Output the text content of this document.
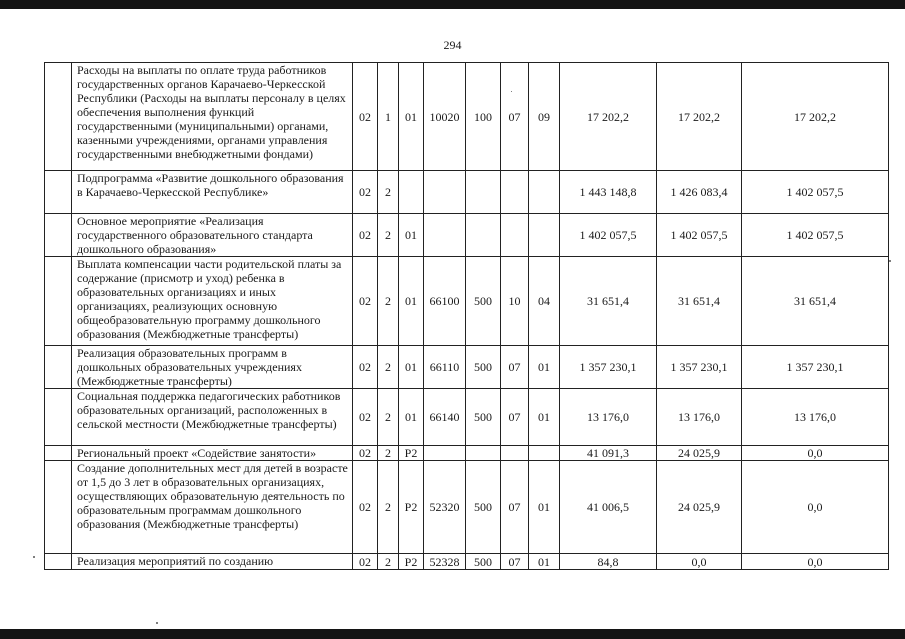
294
	Расходы на выплаты по оплате труда работников государственных органов Карачаево-Черкесской Республики (Расходы на выплаты персоналу в целях обеспечения выполнения функций государственными (муниципальными) органами, казенными учреждениями, органами управления государственными внебюджетными фондами)	02	1	01	10020	100	07	09	17 202,2	17 202,2	17 202,2
	Подпрограмма «Развитие дошкольного образования в Карачаево-Черкесской Республике»	02	2						1 443 148,8	1 426 083,4	1 402 057,5
	Основное мероприятие «Реализация государственного образовательного стандарта дошкольного образования»	02	2	01					1 402 057,5	1 402 057,5	1 402 057,5
	Выплата компенсации части родительской платы за содержание (присмотр и уход) ребенка в образовательных организациях и иных организациях, реализующих основную общеобразовательную программу дошкольного образования (Межбюджетные трансферты)	02	2	01	66100	500	10	04	31 651,4	31 651,4	31 651,4
	Реализация образовательных программ в дошкольных образовательных учреждениях (Межбюджетные трансферты)	02	2	01	66110	500	07	01	1 357 230,1	1 357 230,1	1 357 230,1
	Социальная поддержка педагогических работников образовательных организаций, расположенных в сельской местности (Межбюджетные трансферты)	02	2	01	66140	500	07	01	13 176,0	13 176,0	13 176,0
	Региональный проект «Содействие занятости»	02	2	P2					41 091,3	24 025,9	0,0
	Создание дополнительных мест для детей в возрасте от 1,5 до 3 лет в образовательных организациях, осуществляющих образовательную деятельность по образовательным программам дошкольного образования (Межбюджетные трансферты)	02	2	P2	52320	500	07	01	41 006,5	24 025,9	0,0
	Реализация мероприятий по созданию	02	2	P2	52328	500	07	01	84,8	0,0	0,0
